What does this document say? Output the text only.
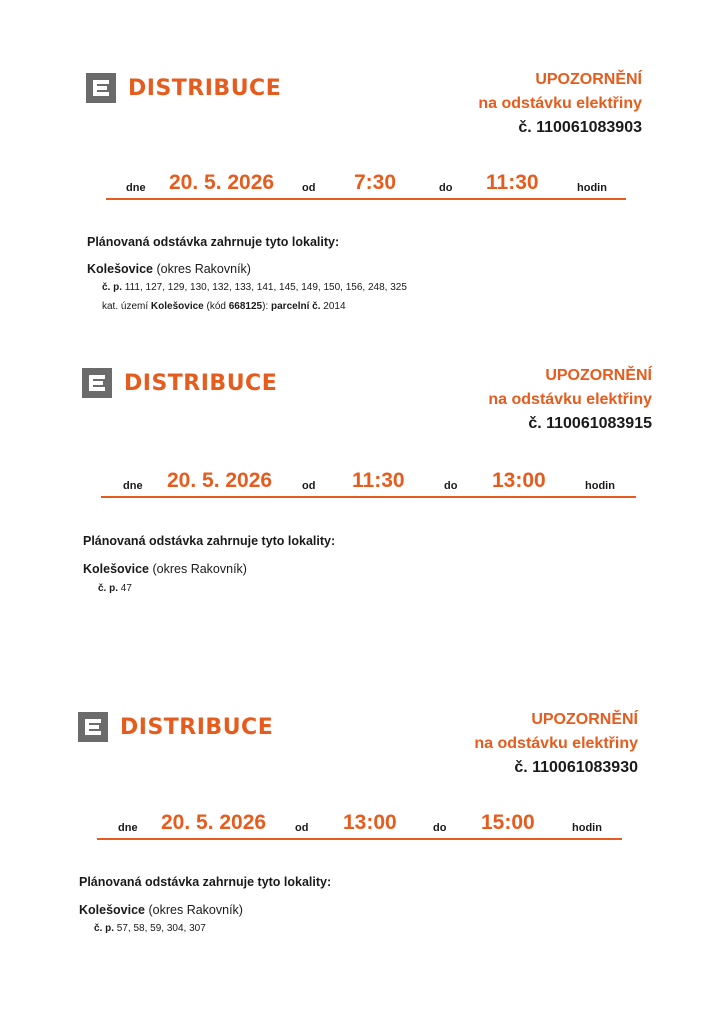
DISTRIBUCE	UPOZORNĚNÍ
na odstávku elektřiny
č. 110061083903
dne 20. 5. 2026	od 7:30	do 11:30	hodin
Plánovaná odstávka zahrnuje tyto lokality:
Kolešovice (okres Rakovník)
č. p. 111, 127, 129, 130, 132, 133, 141, 145, 149, 150, 156, 248, 325
kat. území Kolešovice (kód 668125): parcelní č. 2014
DISTRIBUCE	UPOZORNĚNÍ
na odstávku elektřiny
č. 110061083915
dne 20. 5. 2026	od 11:30	do 13:00	hodin
Plánovaná odstávka zahrnuje tyto lokality:
Kolešovice (okres Rakovník)
č. p. 47
DISTRIBUCE	UPOZORNĚNÍ
na odstávku elektřiny
č. 110061083930
dne 20. 5. 2026	od 13:00	do 15:00	hodin
Plánovaná odstávka zahrnuje tyto lokality:
Kolešovice (okres Rakovník)
č. p. 57, 58, 59, 304, 307
